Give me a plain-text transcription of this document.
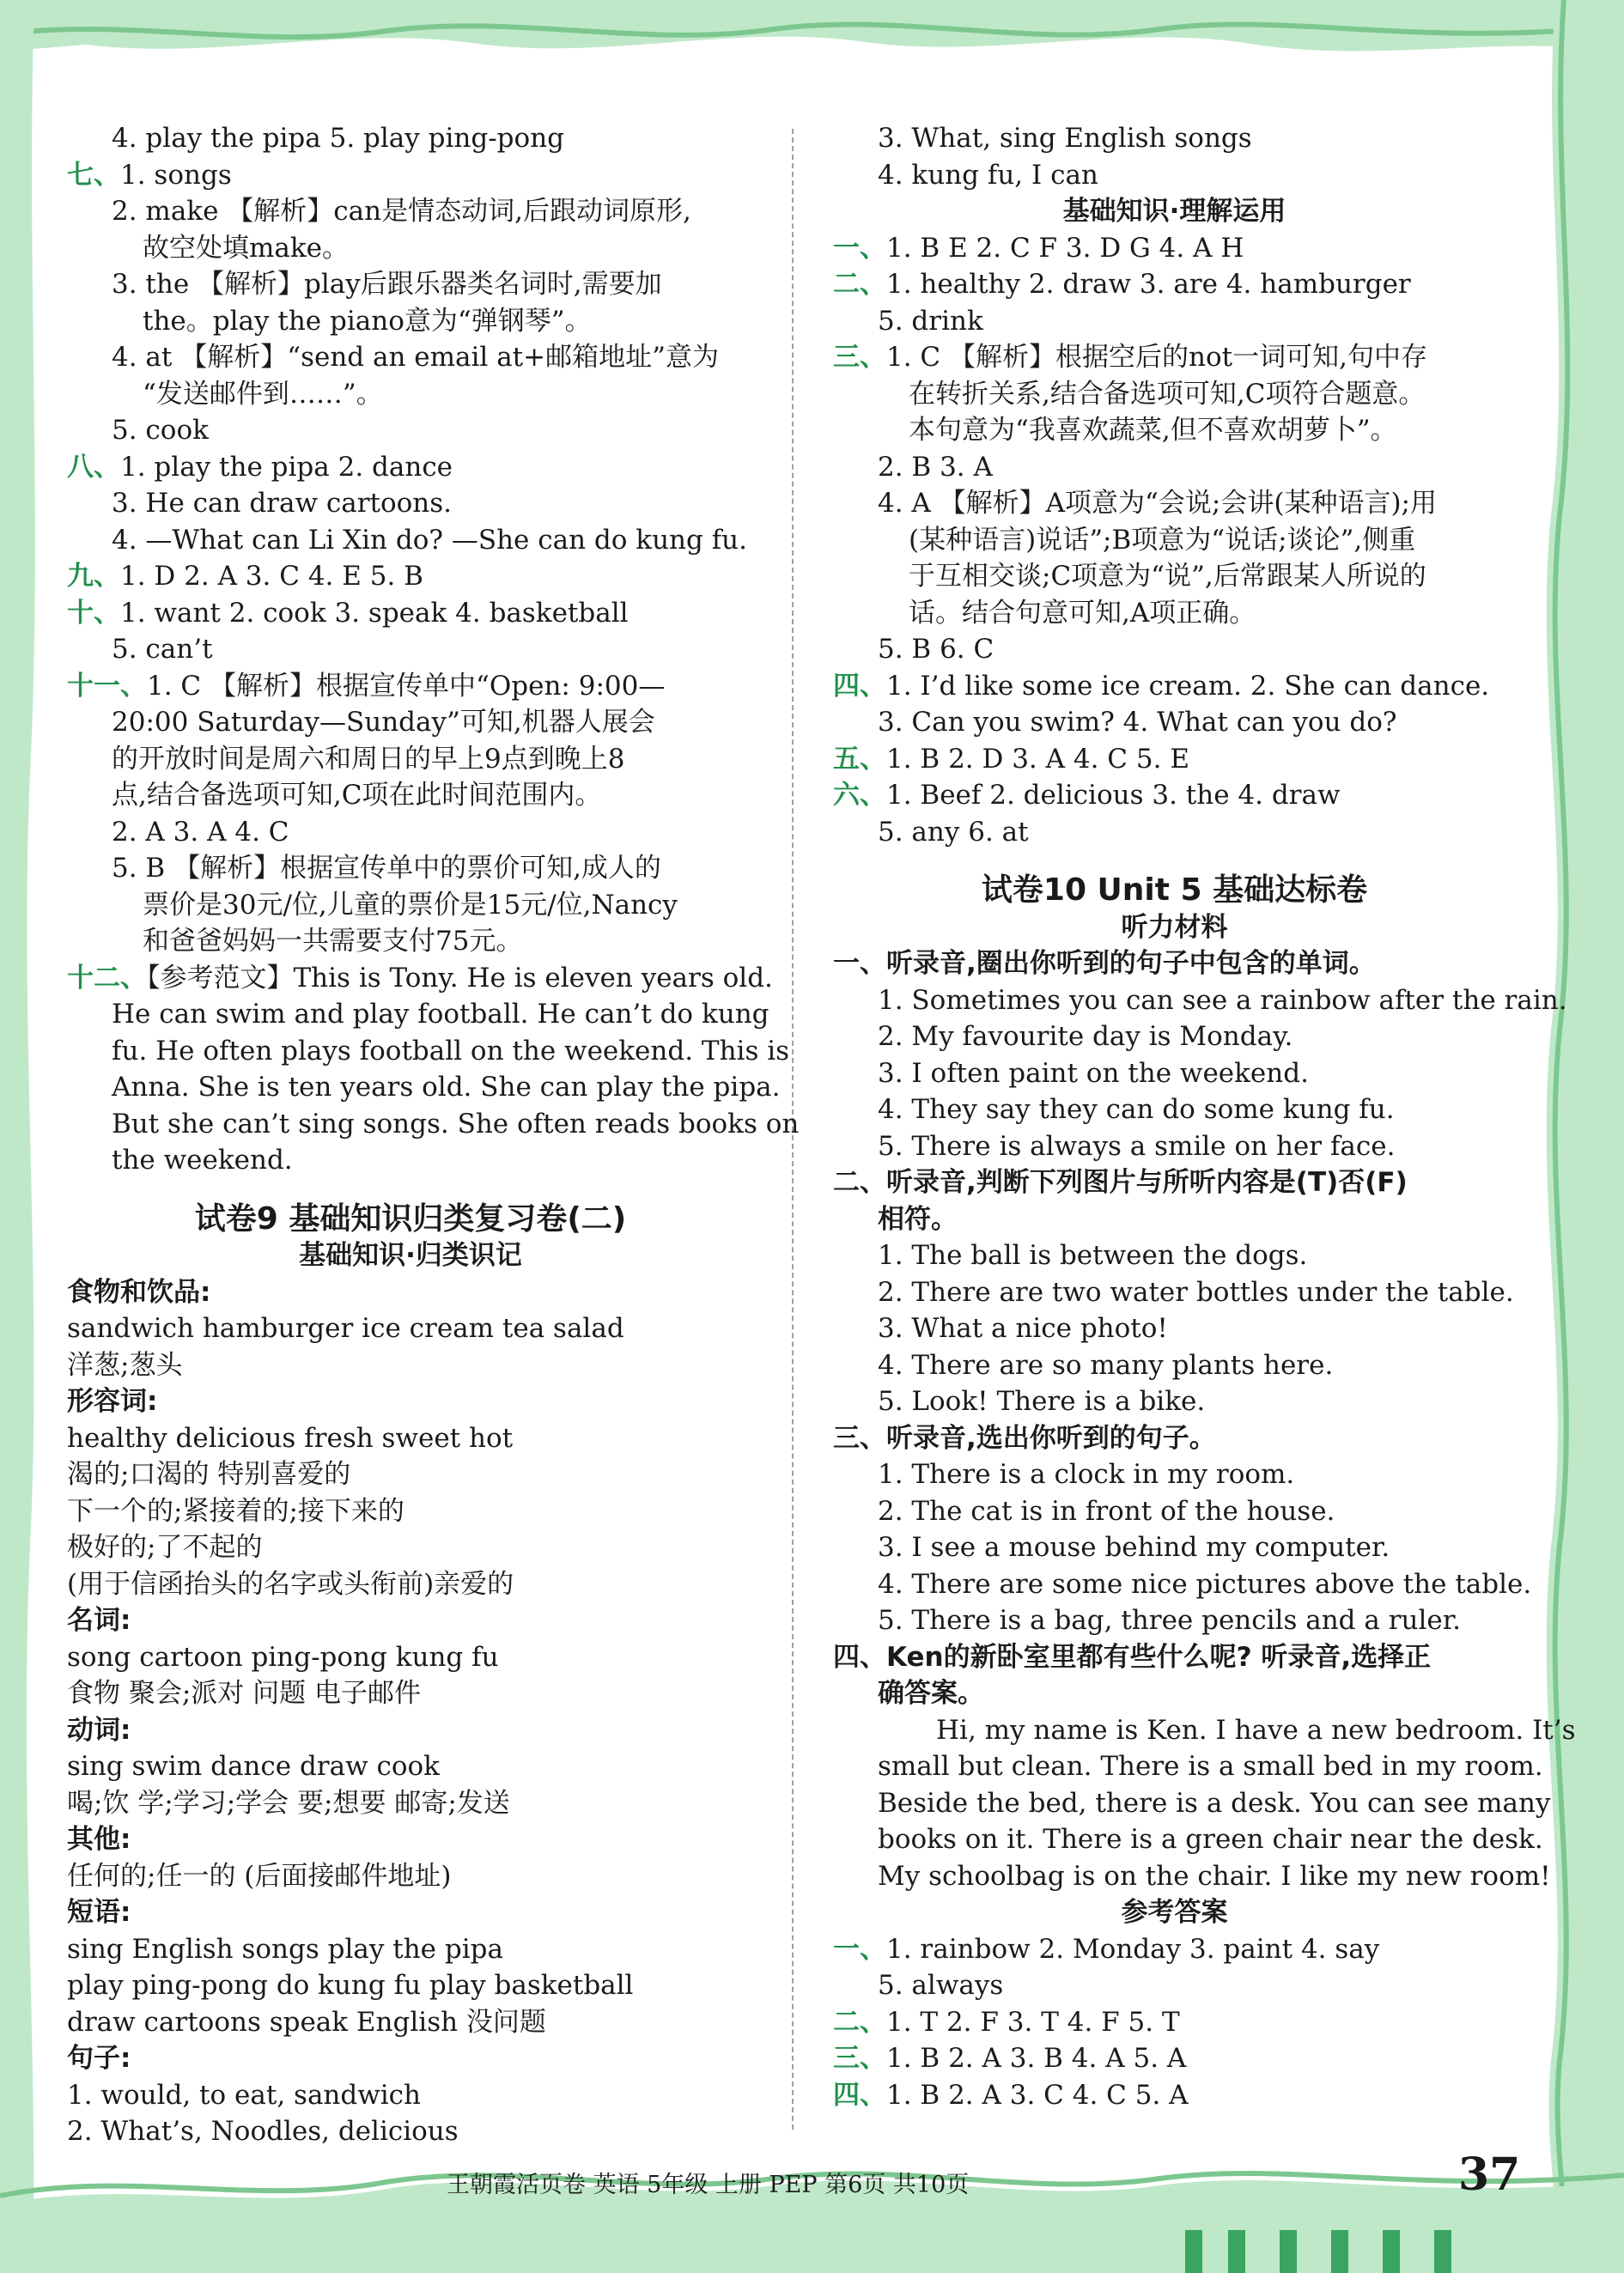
4. play the pipa 5. play ping-pong
七、1. songs
2. make 【解析】can是情态动词,后跟动词原形,
故空处填make。
3. the 【解析】play后跟乐器类名词时,需要加
the。play the piano意为“弹钢琴”。
4. at 【解析】“send an email at+邮箱地址”意为
“发送邮件到……”。
5. cook
八、1. play the pipa 2. dance
3. He can draw cartoons.
4. —What can Li Xin do? —She can do kung fu.
九、1. D 2. A 3. C 4. E 5. B
十、1. want 2. cook 3. speak 4. basketball
5. can’t
十一、1. C 【解析】根据宣传单中“Open: 9:00—
20:00 Saturday—Sunday”可知,机器人展会
的开放时间是周六和周日的早上9点到晚上8
点,结合备选项可知,C项在此时间范围内。
2. A 3. A 4. C
5. B 【解析】根据宣传单中的票价可知,成人的
票价是30元/位,儿童的票价是15元/位,Nancy
和爸爸妈妈一共需要支付75元。
十二、【参考范文】This is Tony. He is eleven years old.
He can swim and play football. He can’t do kung
fu. He often plays football on the weekend. This is
Anna. She is ten years old. She can play the pipa.
But she can’t sing songs. She often reads books on
the weekend.
试卷9 基础知识归类复习卷(二)
基础知识·归类识记
食物和饮品:
sandwich hamburger ice cream tea salad
洋葱;葱头
形容词:
healthy delicious fresh sweet hot
渴的;口渴的 特别喜爱的
下一个的;紧接着的;接下来的
极好的;了不起的
(用于信函抬头的名字或头衔前)亲爱的
名词:
song cartoon ping-pong kung fu
食物 聚会;派对 问题 电子邮件
动词:
sing swim dance draw cook
喝;饮 学;学习;学会 要;想要 邮寄;发送
其他:
任何的;任一的 (后面接邮件地址)
短语:
sing English songs play the pipa
play ping-pong do kung fu play basketball
draw cartoons speak English 没问题
句子:
1. would, to eat, sandwich
2. What’s, Noodles, delicious
3. What, sing English songs
4. kung fu, I can
基础知识·理解运用
一、1. B E 2. C F 3. D G 4. A H
二、1. healthy 2. draw 3. are 4. hamburger
5. drink
三、1. C 【解析】根据空后的not一词可知,句中存
在转折关系,结合备选项可知,C项符合题意。
本句意为“我喜欢蔬菜,但不喜欢胡萝卜”。
2. B 3. A
4. A 【解析】A项意为“会说;会讲(某种语言);用
(某种语言)说话”;B项意为“说话;谈论”,侧重
于互相交谈;C项意为“说”,后常跟某人所说的
话。结合句意可知,A项正确。
5. B 6. C
四、1. I’d like some ice cream. 2. She can dance.
3. Can you swim? 4. What can you do?
五、1. B 2. D 3. A 4. C 5. E
六、1. Beef 2. delicious 3. the 4. draw
5. any 6. at
试卷10 Unit 5 基础达标卷
听力材料
一、听录音,圈出你听到的句子中包含的单词。
1. Sometimes you can see a rainbow after the rain.
2. My favourite day is Monday.
3. I often paint on the weekend.
4. They say they can do some kung fu.
5. There is always a smile on her face.
二、听录音,判断下列图片与所听内容是(T)否(F)
相符。
1. The ball is between the dogs.
2. There are two water bottles under the table.
3. What a nice photo!
4. There are so many plants here.
5. Look! There is a bike.
三、听录音,选出你听到的句子。
1. There is a clock in my room.
2. The cat is in front of the house.
3. I see a mouse behind my computer.
4. There are some nice pictures above the table.
5. There is a bag, three pencils and a ruler.
四、Ken的新卧室里都有些什么呢? 听录音,选择正
确答案。
Hi, my name is Ken. I have a new bedroom. It’s
small but clean. There is a small bed in my room.
Beside the bed, there is a desk. You can see many
books on it. There is a green chair near the desk.
My schoolbag is on the chair. I like my new room!
参考答案
一、1. rainbow 2. Monday 3. paint 4. say
5. always
二、1. T 2. F 3. T 4. F 5. T
三、1. B 2. A 3. B 4. A 5. A
四、1. B 2. A 3. C 4. C 5. A
王朝霞活页卷 英语 5年级 上册 PEP 第6页 共10页	37
